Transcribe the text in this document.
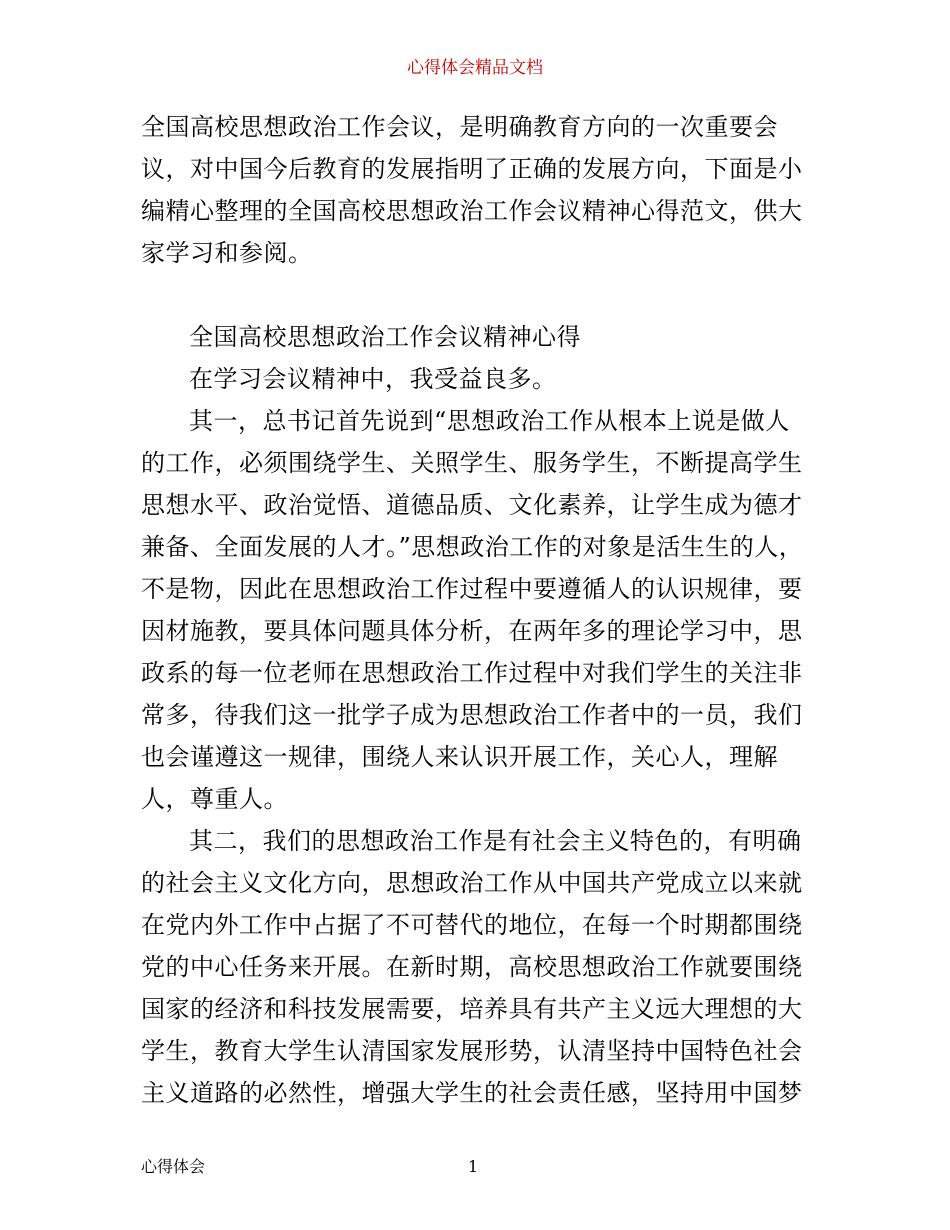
心得体会精品文档

全国高校思想政治工作会议，是明确教育方向的一次重要会议，对中国今后教育的发展指明了正确的发展方向，下面是小编精心整理的全国高校思想政治工作会议精神心得范文，供大家学习和参阅。

全国高校思想政治工作会议精神心得

在学习会议精神中，我受益良多。

其一，总书记首先说到“思想政治工作从根本上说是做人的工作，必须围绕学生、关照学生、服务学生，不断提高学生思想水平、政治觉悟、道德品质、文化素养，让学生成为德才兼备、全面发展的人才。”思想政治工作的对象是活生生的人，不是物，因此在思想政治工作过程中要遵循人的认识规律，要因材施教，要具体问题具体分析，在两年多的理论学习中，思政系的每一位老师在思想政治工作过程中对我们学生的关注非常多，待我们这一批学子成为思想政治工作者中的一员，我们也会谨遵这一规律，围绕人来认识开展工作，关心人，理解人，尊重人。

其二，我们的思想政治工作是有社会主义特色的，有明确的社会主义文化方向，思想政治工作从中国共产党成立以来就在党内外工作中占据了不可替代的地位，在每一个时期都围绕党的中心任务来开展。在新时期，高校思想政治工作就要围绕国家的经济和科技发展需要，培养具有共产主义远大理想的大学生，教育大学生认清国家发展形势，认清坚持中国特色社会主义道路的必然性，增强大学生的社会责任感，坚持用中国梦

心得体会	1
